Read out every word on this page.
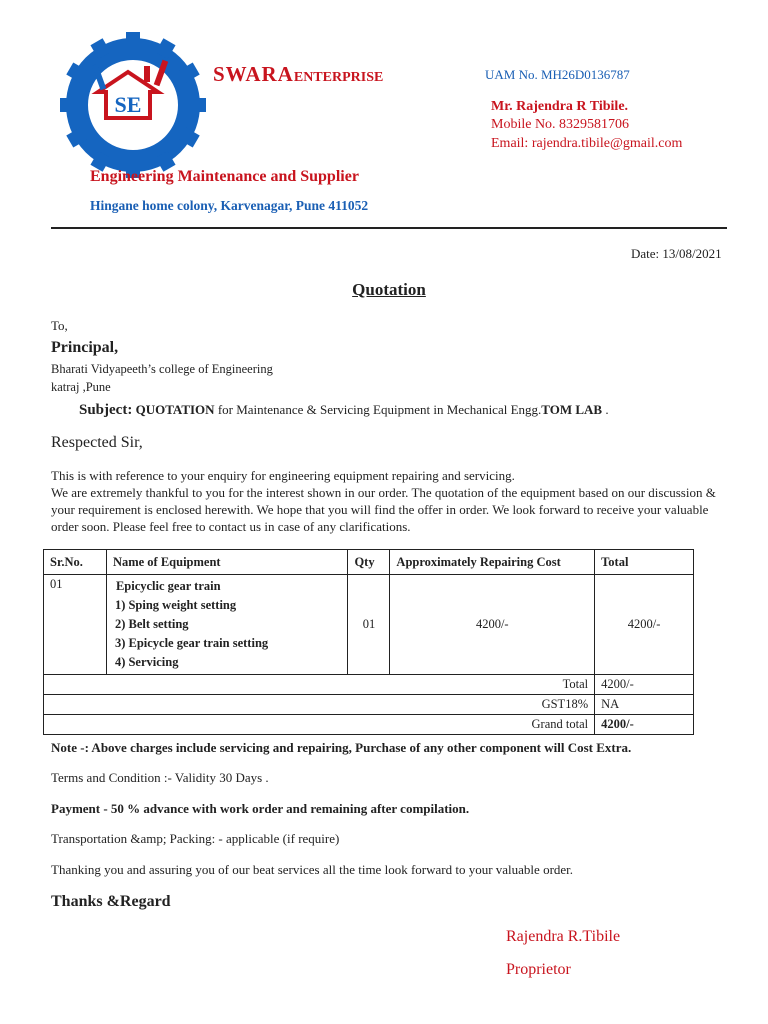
SE
SWARAENTERPRISE	UAM No. MH26D0136787
Mr. Rajendra R Tibile.
Mobile No. 8329581706
Email: rajendra.tibile@gmail.com
Engineering Maintenance and Supplier
Hingane home colony, Karvenagar, Pune 411052
Date: 13/08/2021
Quotation
To,
Principal,
Bharati Vidyapeeth’s college of Engineering
katraj ,Pune
Subject: QUOTATION for Maintenance & Servicing Equipment in Mechanical Engg.TOM LAB .
Respected Sir,

This is with reference to your enquiry for engineering equipment repairing and servicing.

We are extremely thankful to you for the interest shown in our order. The quotation of the equipment based on our discussion & your requirement is enclosed herewith. We hope that you will find the offer in order. We look forward to receive your valuable order soon. Please feel free to contact us in case of any clarifications.

Sr.No.	Name of Equipment	Qty	Approximately Repairing Cost	Total
01	Epicyclic gear train
1) Sping weight setting
2) Belt setting
3) Epicycle gear train setting
4) Servicing	01	4200/-	4200/-
Total				4200/-
GST18%				NA
Grand total				4200/-
Note -: Above charges include servicing and repairing, Purchase of any other component will Cost Extra.
Terms and Condition :- Validity 30 Days .
Payment - 50 % advance with work order and remaining after compilation.
Transportation &amp; Packing: - applicable (if require)
Thanking you and assuring you of our beat services all the time look forward to your valuable order.
Thanks &Regard
Rajendra R.Tibile
Proprietor
